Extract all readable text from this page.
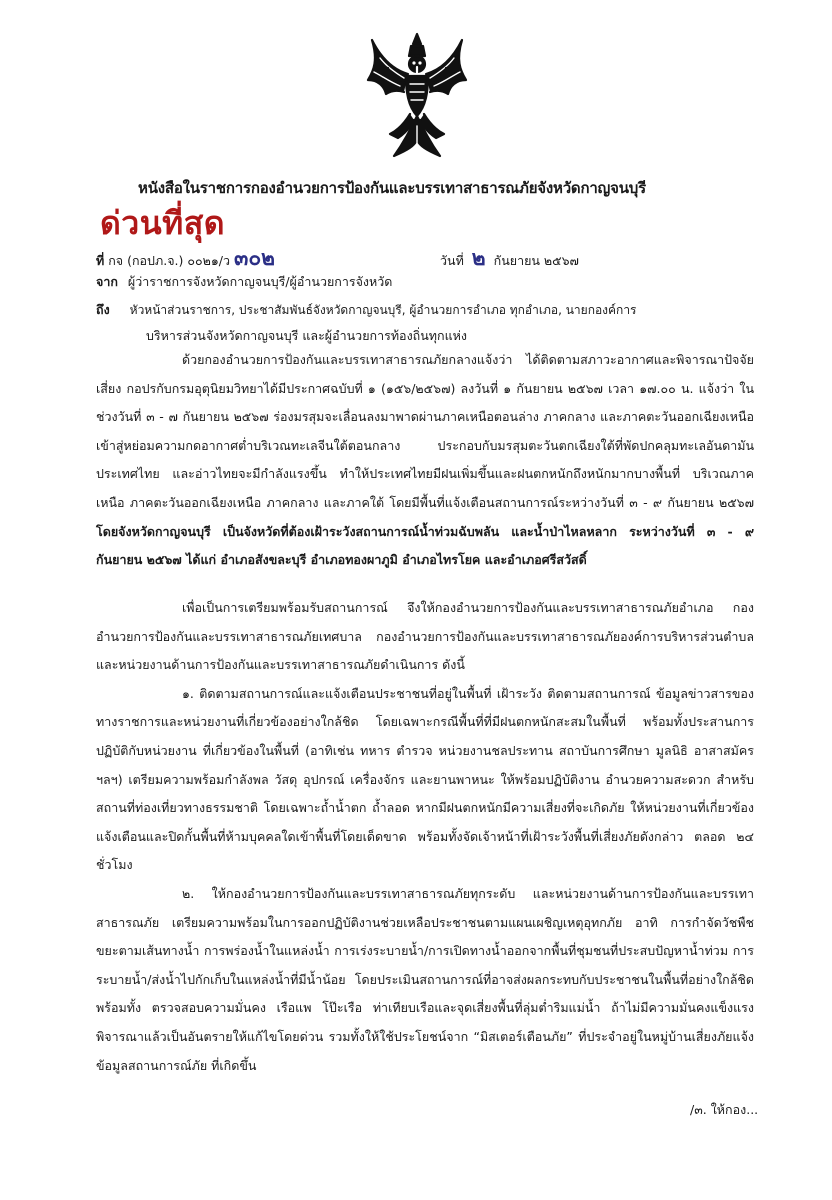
หนังสือในราชการกองอำนวยการป้องกันและบรรเทาสาธารณภัยจังหวัดกาญจนบุรี
ด่วนที่สุด
ที่ กจ (กอปภ.จ.) ๐๐๒๑/ว ๓๐๒	วันที่ ๒ กันยายน ๒๕๖๗
จาก ผู้ว่าราชการจังหวัดกาญจนบุรี/ผู้อำนวยการจังหวัด
ถึง หัวหน้าส่วนราชการ, ประชาสัมพันธ์จังหวัดกาญจนบุรี, ผู้อำนวยการอำเภอ ทุกอำเภอ, นายกองค์การ
บริหารส่วนจังหวัดกาญจนบุรี และผู้อำนวยการท้องถิ่นทุกแห่ง

ด้วยกองอำนวยการป้องกันและบรรเทาสาธารณภัยกลางแจ้งว่า ได้ติดตามสภาวะอากาศและพิจารณาปัจจัยเสี่ยง กอปรกับกรมอุตุนิยมวิทยาได้มีประกาศฉบับที่ ๑ (๑๕๖/๒๕๖๗) ลงวันที่ ๑ กันยายน ๒๕๖๗ เวลา ๑๗.๐๐ น. แจ้งว่า ในช่วงวันที่ ๓ - ๗ กันยายน ๒๕๖๗ ร่องมรสุมจะเลื่อนลงมาพาดผ่านภาคเหนือตอนล่าง ภาคกลาง และภาคตะวันออกเฉียงเหนือ เข้าสู่หย่อมความกดอากาศต่ำบริเวณทะเลจีนใต้ตอนกลาง ประกอบกับมรสุมตะวันตกเฉียงใต้ที่พัดปกคลุมทะเลอันดามัน ประเทศไทย และอ่าวไทยจะมีกำลังแรงขึ้น ทำให้ประเทศไทยมีฝนเพิ่มขึ้นและฝนตกหนักถึงหนักมากบางพื้นที่ บริเวณภาคเหนือ ภาคตะวันออกเฉียงเหนือ ภาคกลาง และภาคใต้ โดยมีพื้นที่แจ้งเตือนสถานการณ์ระหว่างวันที่ ๓ - ๙ กันยายน ๒๕๖๗ โดยจังหวัดกาญจนบุรี เป็นจังหวัดที่ต้องเฝ้าระวังสถานการณ์น้ำท่วมฉับพลัน และน้ำป่าไหลหลาก ระหว่างวันที่ ๓ - ๙ กันยายน ๒๕๖๗ ได้แก่ อำเภอสังขละบุรี อำเภอทองผาภูมิ อำเภอไทรโยค และอำเภอศรีสวัสดิ์

เพื่อเป็นการเตรียมพร้อมรับสถานการณ์ จึงให้กองอำนวยการป้องกันและบรรเทาสาธารณภัยอำเภอ กองอำนวยการป้องกันและบรรเทาสาธารณภัยเทศบาล กองอำนวยการป้องกันและบรรเทาสาธารณภัยองค์การบริหารส่วนตำบล และหน่วยงานด้านการป้องกันและบรรเทาสาธารณภัยดำเนินการ ดังนี้

๑. ติดตามสถานการณ์และแจ้งเตือนประชาชนที่อยู่ในพื้นที่ เฝ้าระวัง ติดตามสถานการณ์ ข้อมูลข่าวสารของทางราชการและหน่วยงานที่เกี่ยวข้องอย่างใกล้ชิด โดยเฉพาะกรณีพื้นที่ที่มีฝนตกหนักสะสมในพื้นที่ พร้อมทั้งประสานการปฏิบัติกับหน่วยงาน ที่เกี่ยวข้องในพื้นที่ (อาทิเช่น ทหาร ตำรวจ หน่วยงานชลประทาน สถาบันการศึกษา มูลนิธิ อาสาสมัคร ฯลฯ) เตรียมความพร้อมกำลังพล วัสดุ อุปกรณ์ เครื่องจักร และยานพาหนะ ให้พร้อมปฏิบัติงาน อำนวยความสะดวก สำหรับสถานที่ท่องเที่ยวทางธรรมชาติ โดยเฉพาะถ้ำน้ำตก ถ้ำลอด หากมีฝนตกหนักมีความเสี่ยงที่จะเกิดภัย ให้หน่วยงานที่เกี่ยวข้อง แจ้งเตือนและปิดกั้นพื้นที่ห้ามบุคคลใดเข้าพื้นที่โดยเด็ดขาด พร้อมทั้งจัดเจ้าหน้าที่เฝ้าระวังพื้นที่เสี่ยงภัยดังกล่าว ตลอด ๒๔ ชั่วโมง

๒. ให้กองอำนวยการป้องกันและบรรเทาสาธารณภัยทุกระดับ และหน่วยงานด้านการป้องกันและบรรเทาสาธารณภัย เตรียมความพร้อมในการออกปฏิบัติงานช่วยเหลือประชาชนตามแผนเผชิญเหตุอุทกภัย อาทิ การกำจัดวัชพืช ขยะตามเส้นทางน้ำ การพร่องน้ำในแหล่งน้ำ การเร่งระบายน้ำ/การเปิดทางน้ำออกจากพื้นที่ชุมชนที่ประสบปัญหาน้ำท่วม การระบายน้ำ/ส่งน้ำไปกักเก็บในแหล่งน้ำที่มีน้ำน้อย โดยประเมินสถานการณ์ที่อาจส่งผลกระทบกับประชาชนในพื้นที่อย่างใกล้ชิดพร้อมทั้ง ตรวจสอบความมั่นคง เรือแพ โป๊ะเรือ ท่าเทียบเรือและจุดเสี่ยงพื้นที่ลุ่มต่ำริมแม่น้ำ ถ้าไม่มีความมั่นคงแข็งแรง พิจารณาแล้วเป็นอันตรายให้แก้ไขโดยด่วน รวมทั้งให้ใช้ประโยชน์จาก “มิสเตอร์เตือนภัย” ที่ประจำอยู่ในหมู่บ้านเสี่ยงภัยแจ้งข้อมูลสถานการณ์ภัย ที่เกิดขึ้น

/๓. ให้กอง...
